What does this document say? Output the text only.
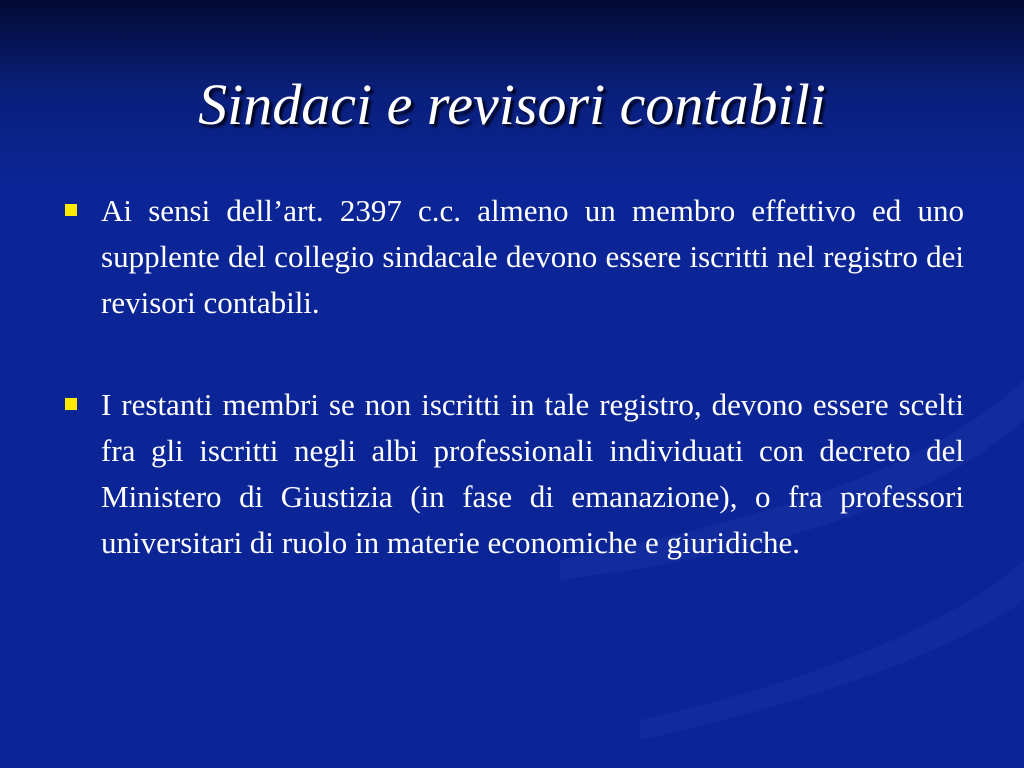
Sindaci e revisori contabili
Ai sensi dell’art. 2397 c.c. almeno un membro effettivo ed uno supplente del collegio sindacale devono essere iscritti nel registro dei revisori contabili.
I restanti membri se non iscritti in tale registro, devono essere scelti fra gli iscritti negli albi professionali individuati con decreto del Ministero di Giustizia (in fase di emanazione), o fra professori universitari di ruolo in materie economiche e giuridiche.
